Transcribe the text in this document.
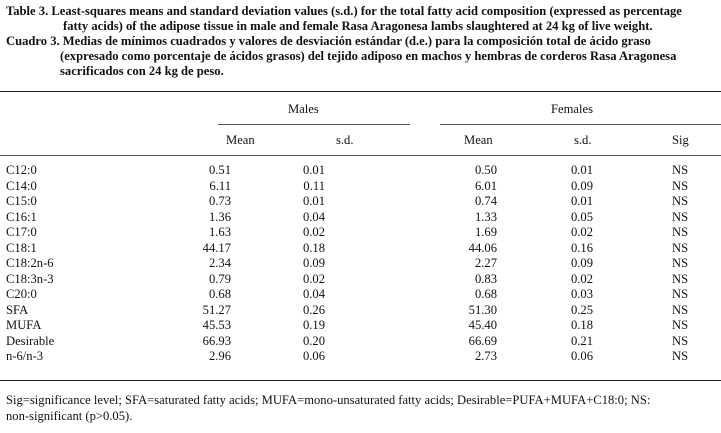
Table 3. Least-squares means and standard deviation values (s.d.) for the total fatty acid composition (expressed as percentage
fatty acids) of the adipose tissue in male and female Rasa Aragonesa lambs slaughtered at 24 kg of live weight.
Cuadro 3. Medias de mínimos cuadrados y valores de desviación estándar (d.e.) para la composición total de ácido graso
(expresado como porcentaje de ácidos grasos) del tejido adiposo en machos y hembras de corderos Rasa Aragonesa
sacrificados con 24 kg de peso.
Males	Females
Mean	s.d.	Mean	s.d.	Sig
C12:0	0.51	0.01	0.50	0.01	NS
C14:0	6.11	0.11	6.01	0.09	NS
C15:0	0.73	0.01	0.74	0.01	NS
C16:1	1.36	0.04	1.33	0.05	NS
C17:0	1.63	0.02	1.69	0.02	NS
C18:1	44.17	0.18	44.06	0.16	NS
C18:2n-6	2.34	0.09	2.27	0.09	NS
C18:3n-3	0.79	0.02	0.83	0.02	NS
C20:0	0.68	0.04	0.68	0.03	NS
SFA	51.27	0.26	51.30	0.25	NS
MUFA	45.53	0.19	45.40	0.18	NS
Desirable	66.93	0.20	66.69	0.21	NS
n-6/n-3	2.96	0.06	2.73	0.06	NS
Sig=significance level; SFA=saturated fatty acids; MUFA=mono-unsaturated fatty acids; Desirable=PUFA+MUFA+C18:0; NS:
non-significant (p>0.05).
